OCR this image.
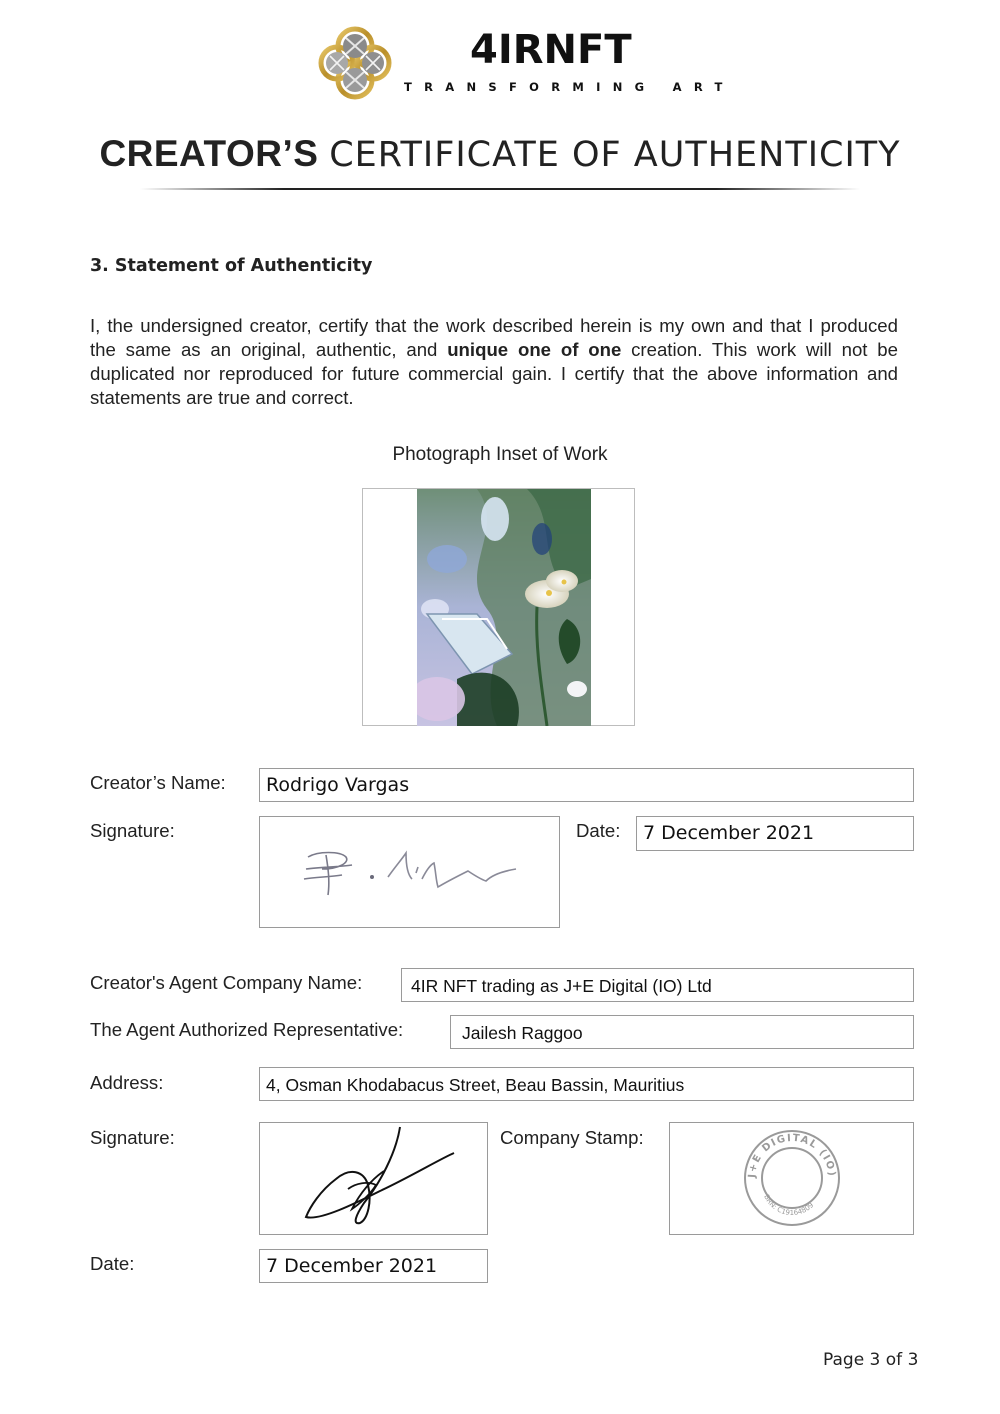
4IRNFT
TRANSFORMING ART
CREATOR’S CERTIFICATE OF AUTHENTICITY
3. Statement of Authenticity
I, the undersigned creator, certify that the work described herein is my own and that I produced the same as an original, authentic, and unique one of one creation. This work will not be duplicated nor reproduced for future commercial gain. I certify that the above information and statements are true and correct.
Photograph Inset of Work
Creator’s Name: Rodrigo Vargas
Signature:	Date: 7 December 2021
Creator's Agent Company Name:	4IR NFT trading as J+E Digital (IO) Ltd
The Agent Authorized Representative:	Jailesh Raggoo
Address:	4, Osman Khodabacus Street, Beau Bassin, Mauritius
Signature:	Company Stamp:
J+E DIGITAL (IO)
BRN: C19164809
Date:	7 December 2021
Page 3 of 3
